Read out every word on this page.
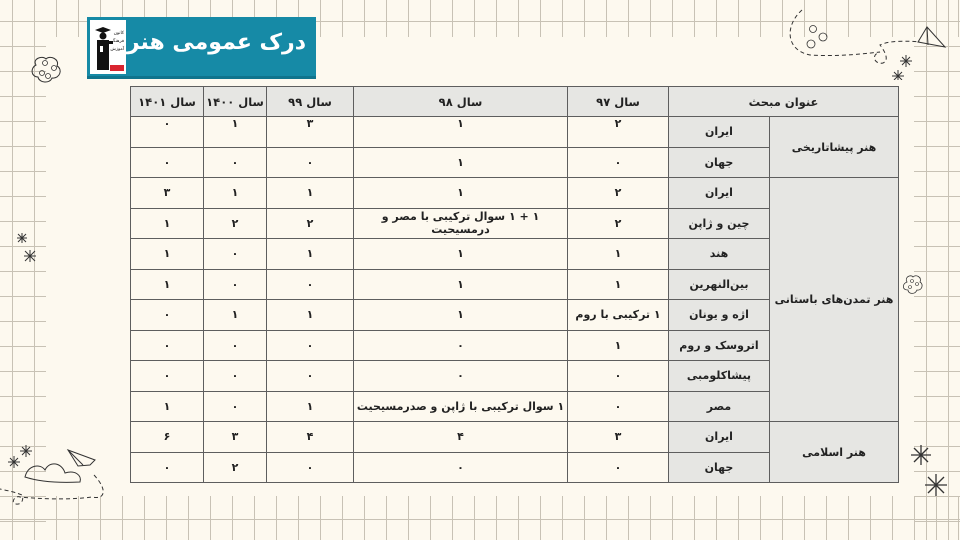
کانون
فرهنگی
آموزش درک عمومی هنر
عنوان مبحث		سال ۹۷	سال ۹۸	سال ۹۹	سال ۱۴۰۰	سال ۱۴۰۱
هنر پیشاتاریخی	ایران	۲	۱	۳	۱	۰
	جهان	۰	۱	۰	۰	۰
هنر تمدن‌های باستانی	ایران	۲	۱	۱	۱	۳
	چین و ژاپن	۲	۱ + ۱ سوال ترکیبی با مصر و درمسیحیت	۲	۲	۱
	هند	۱	۱	۱	۰	۱
	بین‌النهرین	۱	۱	۰	۰	۱
	اژه و یونان	۱ ترکیبی با روم	۱	۱	۱	۰
	اتروسک و روم	۱	۰	۰	۰	۰
	پیشاکلومبی	۰	۰	۰	۰	۰
	مصر	۰	۱ سوال ترکیبی با ژاپن و صدرمسیحیت	۱	۰	۱
هنر اسلامی	ایران	۳	۴	۴	۳	۶
	جهان	۰	۰	۰	۲	۰
